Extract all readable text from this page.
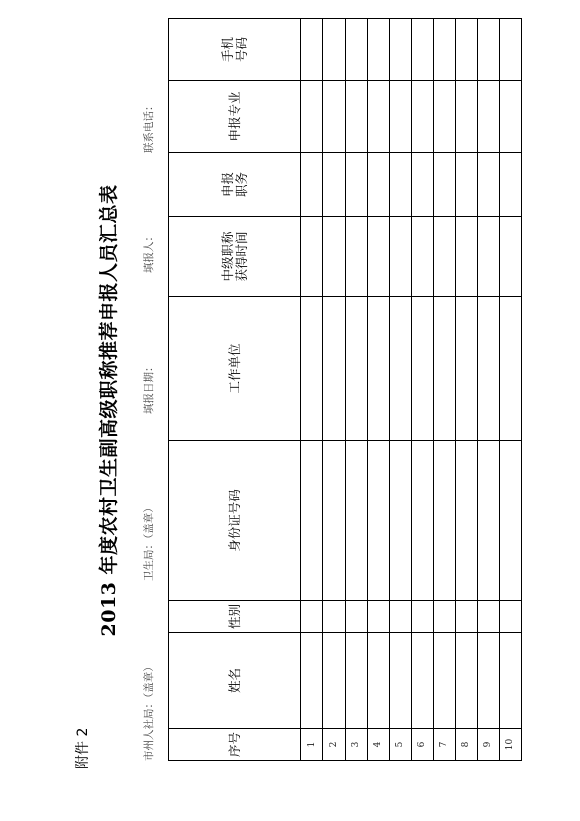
附件 2
2013 年度农村卫生副高级职称推荐申报人员汇总表
市州人社局：（盖章）
卫生局：（盖章）
填报日期：
填报人：
联系电话：
序号	姓名	性别	身份证号码	工作单位	中级职称获得时间	申报职务	申报专业	手机号码

1								
2								
3								
4								
5								
6								
7								
8								
9								
10								
